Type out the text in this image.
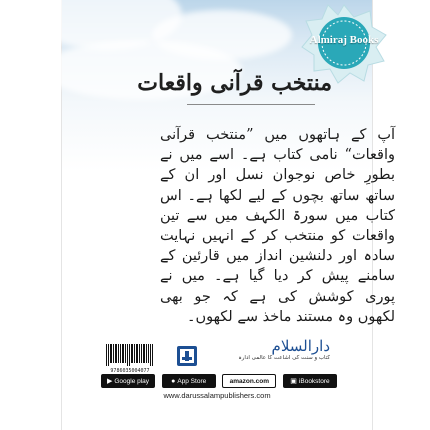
منتخب قرآنی واقعات

آپ کے ہاتھوں میں ”منتخب قرآنی واقعات“ نامی کتاب ہے۔ اسے میں نے بطورِ خاص نوجوان نسل اور ان کے ساتھ ساتھ بچوں کے لیے لکھا ہے۔ اس کتاب میں سورۃ الکہف میں سے تین واقعات کو منتخب کر کے انہیں نہایت سادہ اور دلنشین انداز میں قارئین کے سامنے پیش کر دیا گیا ہے۔ میں نے پوری کوشش کی ہے کہ جو بھی لکھوں وہ مستند ماخذ سے لکھوں۔

9786035004077
دارالسلام
کتاب و سنت کی اشاعت کا عالمی ادارہ
▶ Google play	● App Store	amazon.com	▣ iBookstore
www.darussalampublishers.com
Almiraj Books
